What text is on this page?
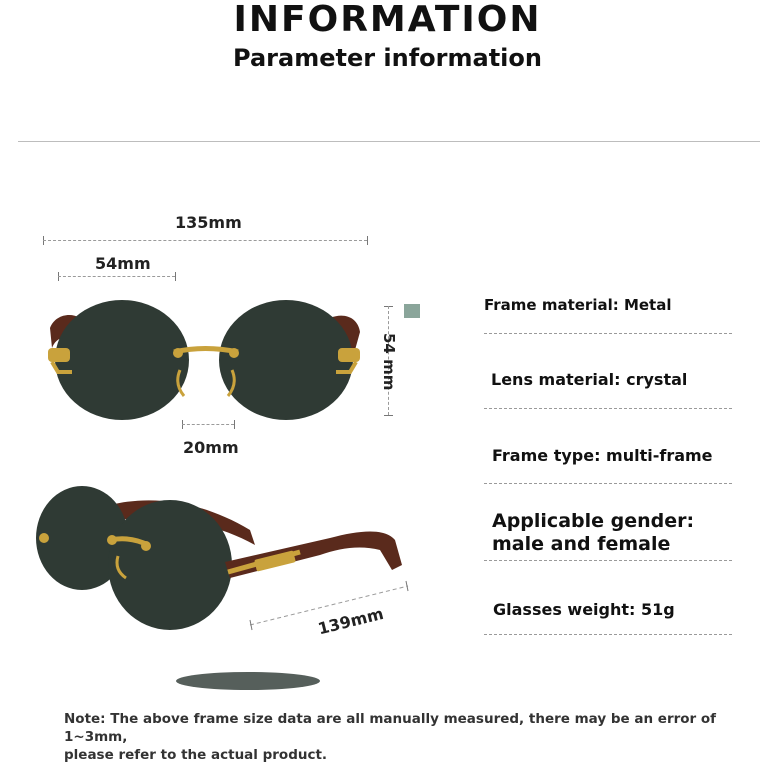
INFORMATION
Parameter information
135mm
54mm
54 mm
20mm
139mm
Frame material: Metal
Lens material: crystal
Frame type: multi-frame
Applicable gender:
male and female
Glasses weight: 51g
Note: The above frame size data are all manually measured, there may be an error of 1~3mm,
please refer to the actual product.
